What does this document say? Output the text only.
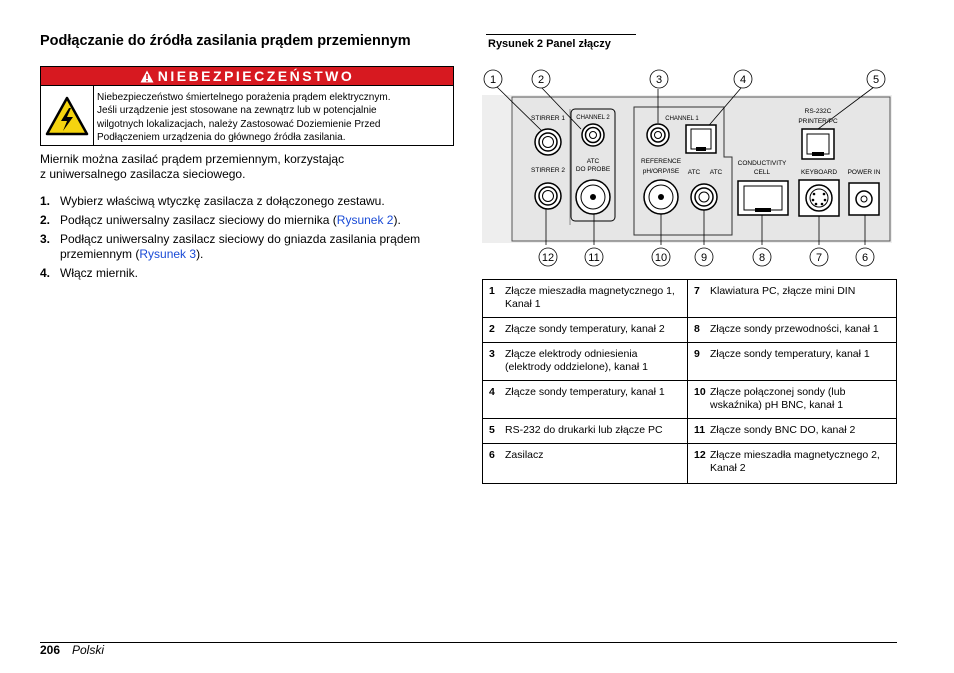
Podłączanie do źródła zasilania prądem przemiennym
NIEBEZPIECZEŃSTWO
Niebezpieczeństwo śmiertelnego porażenia prądem elektrycznym.
Jeśli urządzenie jest stosowane na zewnątrz lub w potencjalnie
wilgotnych lokalizacjach, należy Zastosować Doziemienie Przed
Podłączeniem urządzenia do głównego źródła zasilania.
Miernik można zasilać prądem przemiennym, korzystając
z uniwersalnego zasilacza sieciowego.
1. Wybierz właściwą wtyczkę zasilacza z dołączonego zestawu.
2. Podłącz uniwersalny zasilacz sieciowy do miernika (Rysunek 2).
3. Podłącz uniwersalny zasilacz sieciowy do gniazda zasilania prądem przemiennym (Rysunek 3).
4. Włącz miernik.
Rysunek 2 Panel złączy
1	2	3	4	5
12	11	10	9	8	7	6
STIRRER 1
STIRRER 2
CHANNEL 2
ATC
DO PROBE
CHANNEL 1
REFERENCE
pH/ORP/ISE ATC ATC
CONDUCTIVITY
CELL
RS-232C
PRINTER/PC
KEYBOARD POWER IN
1 Złącze mieszadła magnetycznego 1, Kanał 1	7 Klawiatura PC, złącze mini DIN
2 Złącze sondy temperatury, kanał 2	8 Złącze sondy przewodności, kanał 1
3 Złącze elektrody odniesienia (elektrody oddzielone), kanał 1	9 Złącze sondy temperatury, kanał 1
4 Złącze sondy temperatury, kanał 1	10 Złącze połączonej sondy (lub wskaźnika) pH BNC, kanał 1
5 RS-232 do drukarki lub złącze PC	11 Złącze sondy BNC DO, kanał 2
6 Zasilacz	12 Złącze mieszadła magnetycznego 2, Kanał 2
206 Polski
